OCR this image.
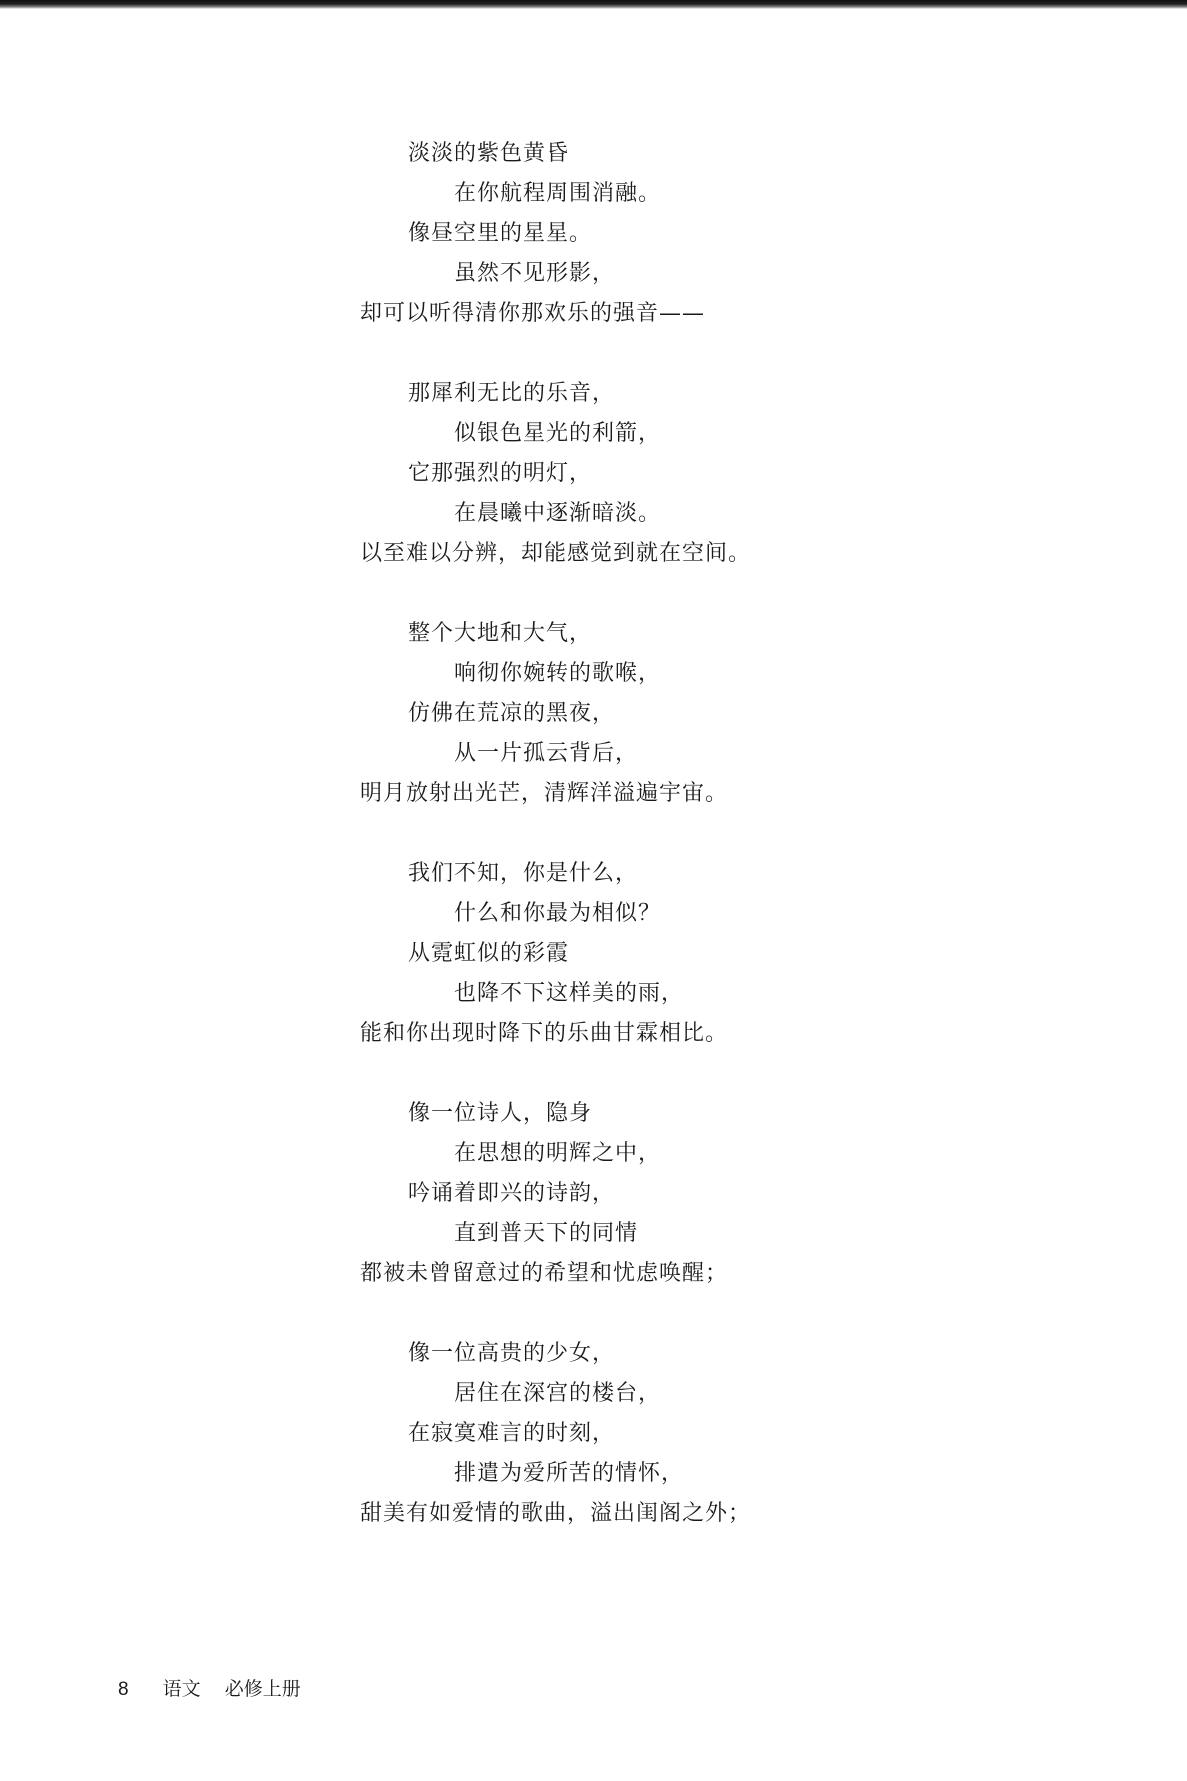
淡淡的紫色黄昏
在你航程周围消融。
像昼空里的星星。
虽然不见形影，
却可以听得清你那欢乐的强音——
那犀利无比的乐音，
似银色星光的利箭，
它那强烈的明灯，
在晨曦中逐渐暗淡。
以至难以分辨，却能感觉到就在空间。
整个大地和大气，
响彻你婉转的歌喉，
仿佛在荒凉的黑夜，
从一片孤云背后，
明月放射出光芒，清辉洋溢遍宇宙。
我们不知，你是什么，
什么和你最为相似？
从霓虹似的彩霞
也降不下这样美的雨，
能和你出现时降下的乐曲甘霖相比。
像一位诗人，隐身
在思想的明辉之中，
吟诵着即兴的诗韵，
直到普天下的同情
都被未曾留意过的希望和忧虑唤醒；
像一位高贵的少女，
居住在深宫的楼台，
在寂寞难言的时刻，
排遣为爱所苦的情怀，
甜美有如爱情的歌曲，溢出闺阁之外；
8 语文 必修上册
